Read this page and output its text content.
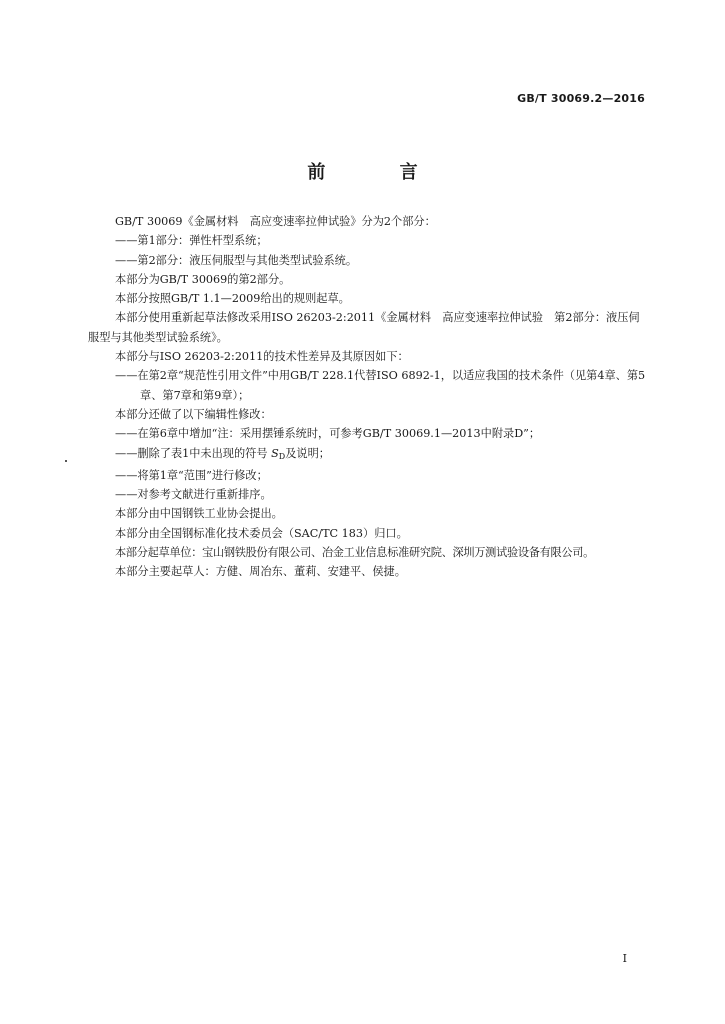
GB/T 30069.2—2016
前 言

GB/T 30069《金属材料　高应变速率拉伸试验》分为2个部分：

——第1部分：弹性杆型系统；

——第2部分：液压伺服型与其他类型试验系统。

本部分为GB/T 30069的第2部分。

本部分按照GB/T 1.1—2009给出的规则起草。

本部分使用重新起草法修改采用ISO 26203-2:2011《金属材料　高应变速率拉伸试验　第2部分：液压伺服型与其他类型试验系统》。

本部分与ISO 26203-2:2011的技术性差异及其原因如下：

——在第2章“规范性引用文件”中用GB/T 228.1代替ISO 6892-1，以适应我国的技术条件（见第4章、第5章、第7章和第9章）；

本部分还做了以下编辑性修改：

——在第6章中增加“注：采用摆锤系统时，可参考GB/T 30069.1—2013中附录D”；

——删除了表1中未出现的符号 $S_D$及说明；

——将第1章“范围”进行修改；

——对参考文献进行重新排序。

本部分由中国钢铁工业协会提出。

本部分由全国钢标准化技术委员会（SAC/TC 183）归口。

本部分起草单位：宝山钢铁股份有限公司、冶金工业信息标准研究院、深圳万测试验设备有限公司。

本部分主要起草人：方健、周冶东、董莉、安建平、侯捷。

I
